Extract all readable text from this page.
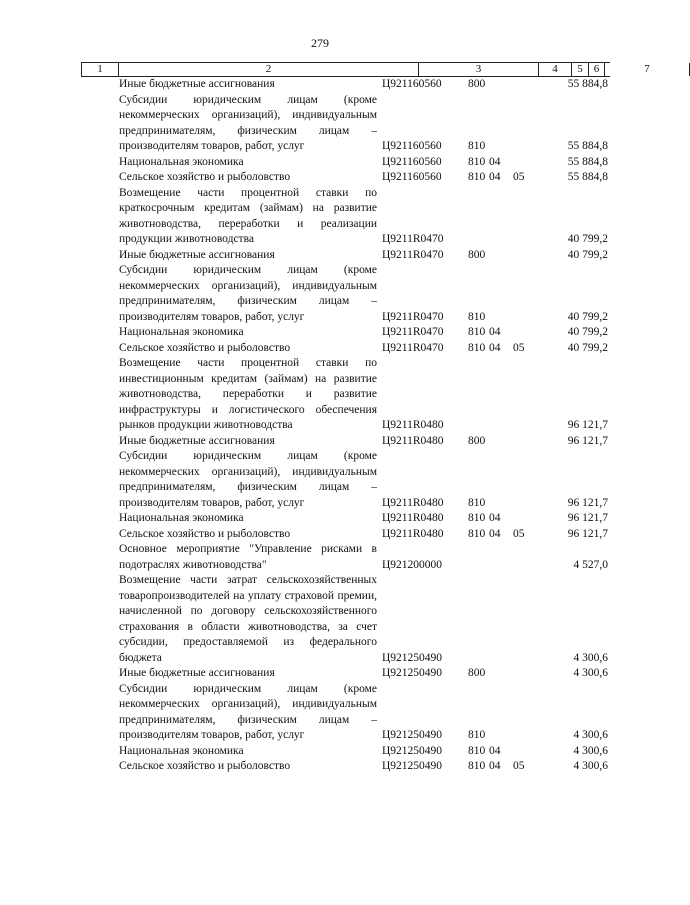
279
1	2	3	4	5	6	7
Иные бюджетные ассигнования	Ц921160560 800	55 884,8
Субсидии юридическим лицам (кроме некоммерческих организаций), индивидуальным предпринимателям, физическим лицам – производителям товаров, работ, услуг	Ц921160560 810	55 884,8
Национальная экономика	Ц921160560 810 04	55 884,8
Сельское хозяйство и рыболовство	Ц921160560 810 04 05	55 884,8
Возмещение части процентной ставки по краткосрочным кредитам (займам) на развитие животноводства, переработки и реализации продукции животноводства	Ц9211R0470	40 799,2
Иные бюджетные ассигнования	Ц9211R0470 800	40 799,2
Субсидии юридическим лицам (кроме некоммерческих организаций), индивидуальным предпринимателям, физическим лицам – производителям товаров, работ, услуг	Ц9211R0470 810	40 799,2
Национальная экономика	Ц9211R0470 810 04	40 799,2
Сельское хозяйство и рыболовство	Ц9211R0470 810 04 05	40 799,2
Возмещение части процентной ставки по инвестиционным кредитам (займам) на развитие животноводства, переработки и развитие инфраструктуры и логистического обеспечения рынков продукции животноводства	Ц9211R0480	96 121,7
Иные бюджетные ассигнования	Ц9211R0480 800	96 121,7
Субсидии юридическим лицам (кроме некоммерческих организаций), индивидуальным предпринимателям, физическим лицам – производителям товаров, работ, услуг	Ц9211R0480 810	96 121,7
Национальная экономика	Ц9211R0480 810 04	96 121,7
Сельское хозяйство и рыболовство	Ц9211R0480 810 04 05	96 121,7
Основное мероприятие "Управление рисками в подотраслях животноводства"	Ц921200000	4 527,0
Возмещение части затрат сельскохозяйственных товаропроизводителей на уплату страховой премии, начисленной по договору сельскохозяйственного страхования в области животноводства, за счет субсидии, предоставляемой из федерального бюджета	Ц921250490	4 300,6
Иные бюджетные ассигнования	Ц921250490 800	4 300,6
Субсидии юридическим лицам (кроме некоммерческих организаций), индивидуальным предпринимателям, физическим лицам – производителям товаров, работ, услуг	Ц921250490 810	4 300,6
Национальная экономика	Ц921250490 810 04	4 300,6
Сельское хозяйство и рыболовство	Ц921250490 810 04 05	4 300,6
